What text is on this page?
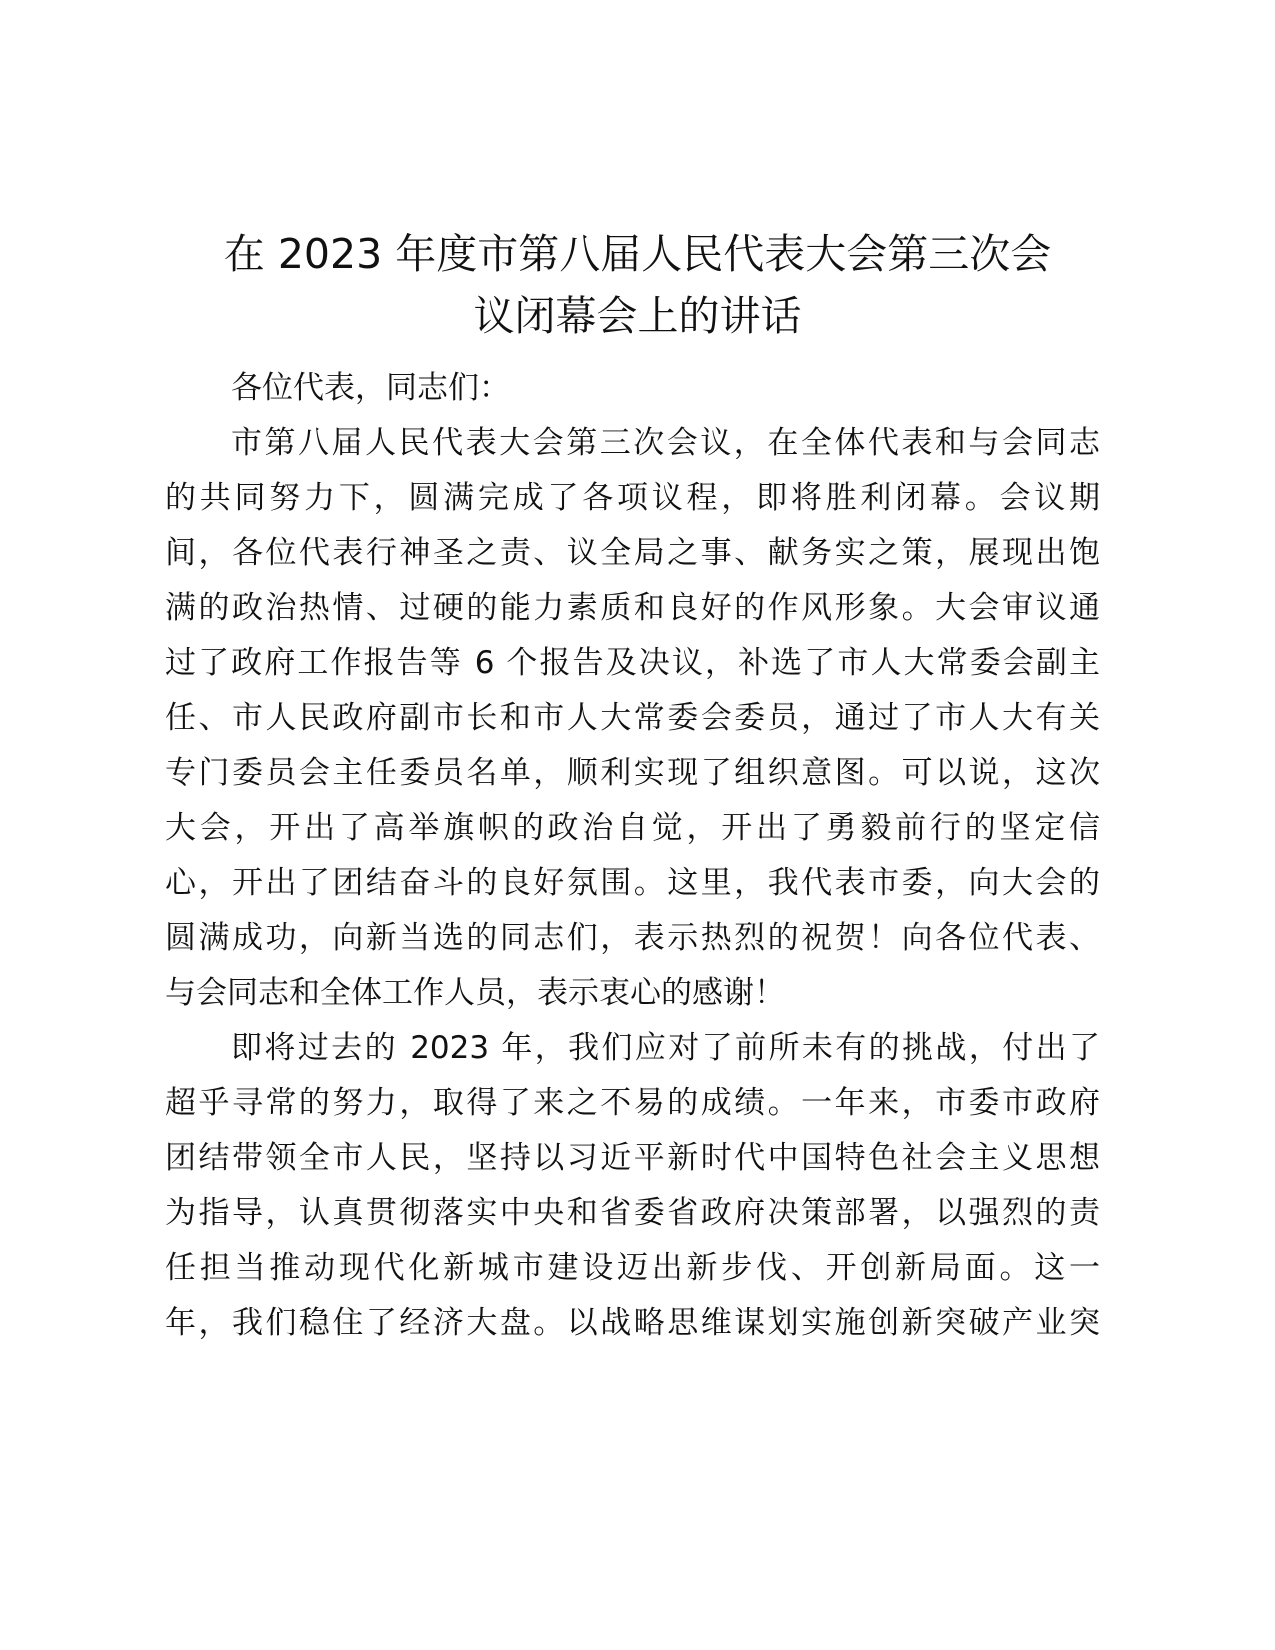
在 2023 年度市第八届人民代表大会第三次会
议闭幕会上的讲话
各位代表，同志们：
市第八届人民代表大会第三次会议，在全体代表和与会同志
的共同努力下，圆满完成了各项议程，即将胜利闭幕。会议期
间，各位代表行神圣之责、议全局之事、献务实之策，展现出饱
满的政治热情、过硬的能力素质和良好的作风形象。大会审议通
过了政府工作报告等 6 个报告及决议，补选了市人大常委会副主
任、市人民政府副市长和市人大常委会委员，通过了市人大有关
专门委员会主任委员名单，顺利实现了组织意图。可以说，这次
大会，开出了高举旗帜的政治自觉，开出了勇毅前行的坚定信
心，开出了团结奋斗的良好氛围。这里，我代表市委，向大会的
圆满成功，向新当选的同志们，表示热烈的祝贺！向各位代表、
与会同志和全体工作人员，表示衷心的感谢！
即将过去的 2023 年，我们应对了前所未有的挑战，付出了
超乎寻常的努力，取得了来之不易的成绩。一年来，市委市政府
团结带领全市人民，坚持以习近平新时代中国特色社会主义思想
为指导，认真贯彻落实中央和省委省政府决策部署，以强烈的责
任担当推动现代化新城市建设迈出新步伐、开创新局面。这一
年，我们稳住了经济大盘。以战略思维谋划实施创新突破产业突
